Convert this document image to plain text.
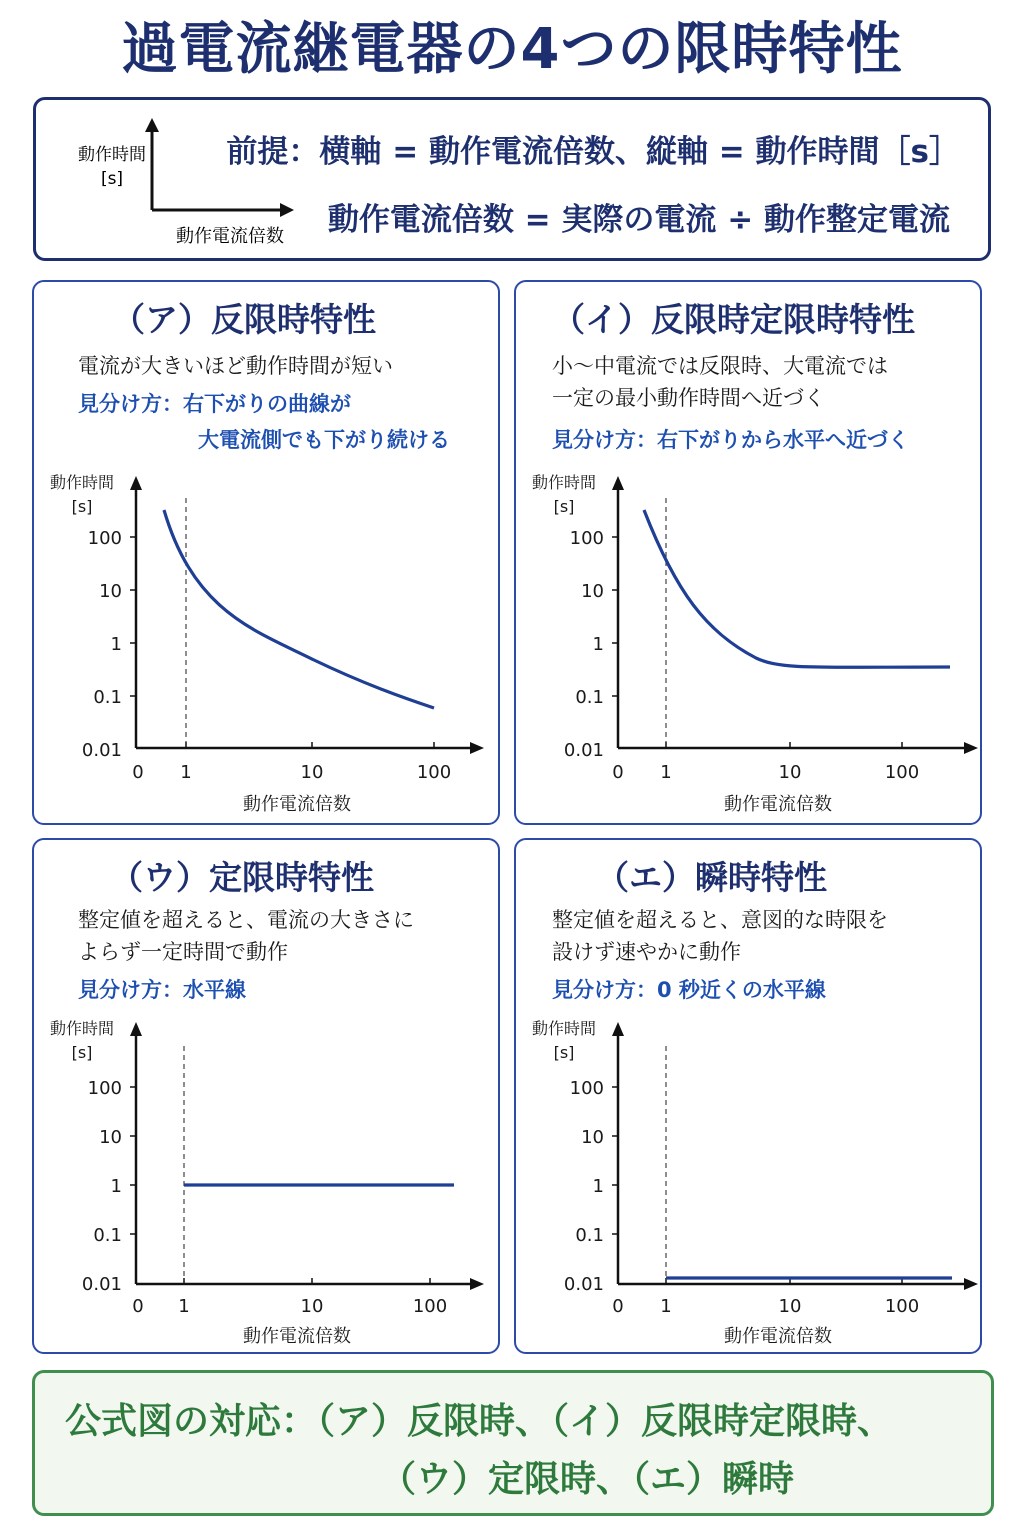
過電流継電器の4つの限時特性
動作時間
[s]
動作電流倍数
前提：横軸 = 動作電流倍数、縦軸 = 動作時間［s］
動作電流倍数 = 実際の電流 ÷ 動作整定電流
（ア）反限時特性
電流が大きいほど動作時間が短い
見分け方：右下がりの曲線が
大電流側でも下がり続ける
動作時間
[s]
100
10
1
0.1
0.01
0 1	10	100
動作電流倍数
（イ）反限時定限時特性
小～中電流では反限時、大電流では
一定の最小動作時間へ近づく
見分け方：右下がりから水平へ近づく
動作時間
[s]
100
10
1
0.1
0.01
0 1	10	100
動作電流倍数
（ウ）定限時特性
整定値を超えると、電流の大きさに
よらず一定時間で動作
見分け方：水平線
動作時間
[s]
100
10
1
0.1
0.01
0 1	10	100
動作電流倍数
（エ）瞬時特性
整定値を超えると、意図的な時限を
設けず速やかに動作
見分け方：0 秒近くの水平線
動作時間
[s]
100
10
1
0.1
0.01
0 1	10	100
動作電流倍数
公式図の対応：（ア）反限時、（イ）反限時定限時、
（ウ）定限時、（エ）瞬時
